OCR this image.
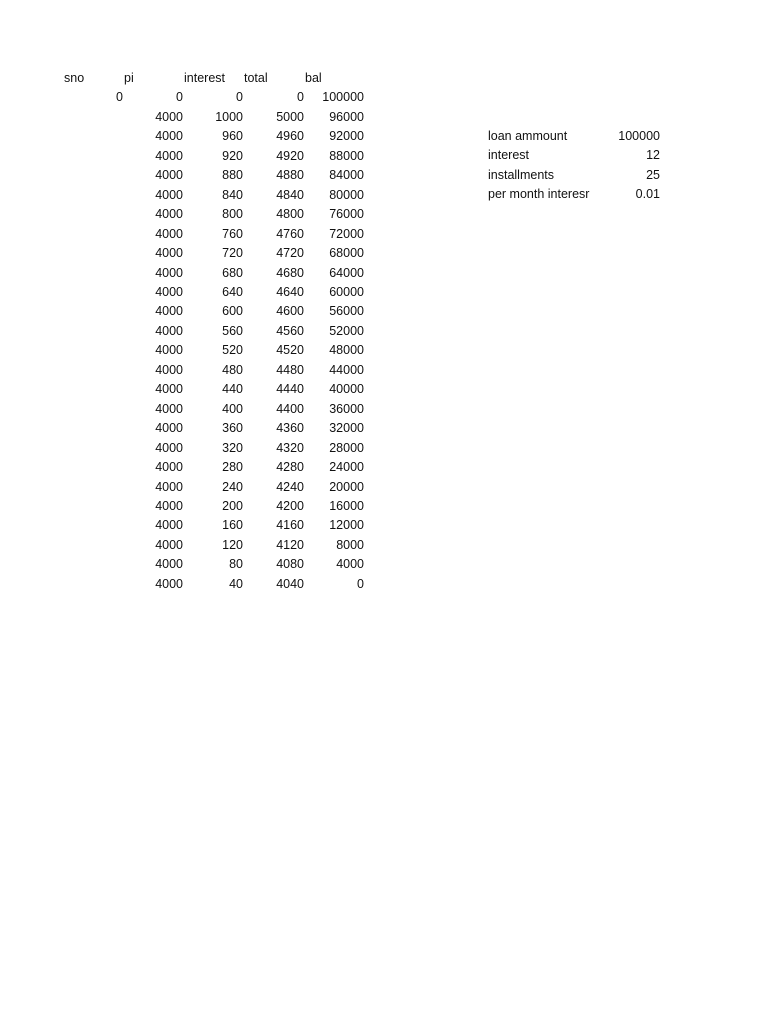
sno	pi	interest	total	bal
0	0	0	0	100000
	4000	1000	5000	96000
	4000	960	4960	92000
	4000	920	4920	88000
	4000	880	4880	84000
	4000	840	4840	80000
	4000	800	4800	76000
	4000	760	4760	72000
	4000	720	4720	68000
	4000	680	4680	64000
	4000	640	4640	60000
	4000	600	4600	56000
	4000	560	4560	52000
	4000	520	4520	48000
	4000	480	4480	44000
	4000	440	4440	40000
	4000	400	4400	36000
	4000	360	4360	32000
	4000	320	4320	28000
	4000	280	4280	24000
	4000	240	4240	20000
	4000	200	4200	16000
	4000	160	4160	12000
	4000	120	4120	8000
	4000	80	4080	4000
	4000	40	4040	0
loan ammount	100000
interest	12
installments	25
per month interesr	0.01
